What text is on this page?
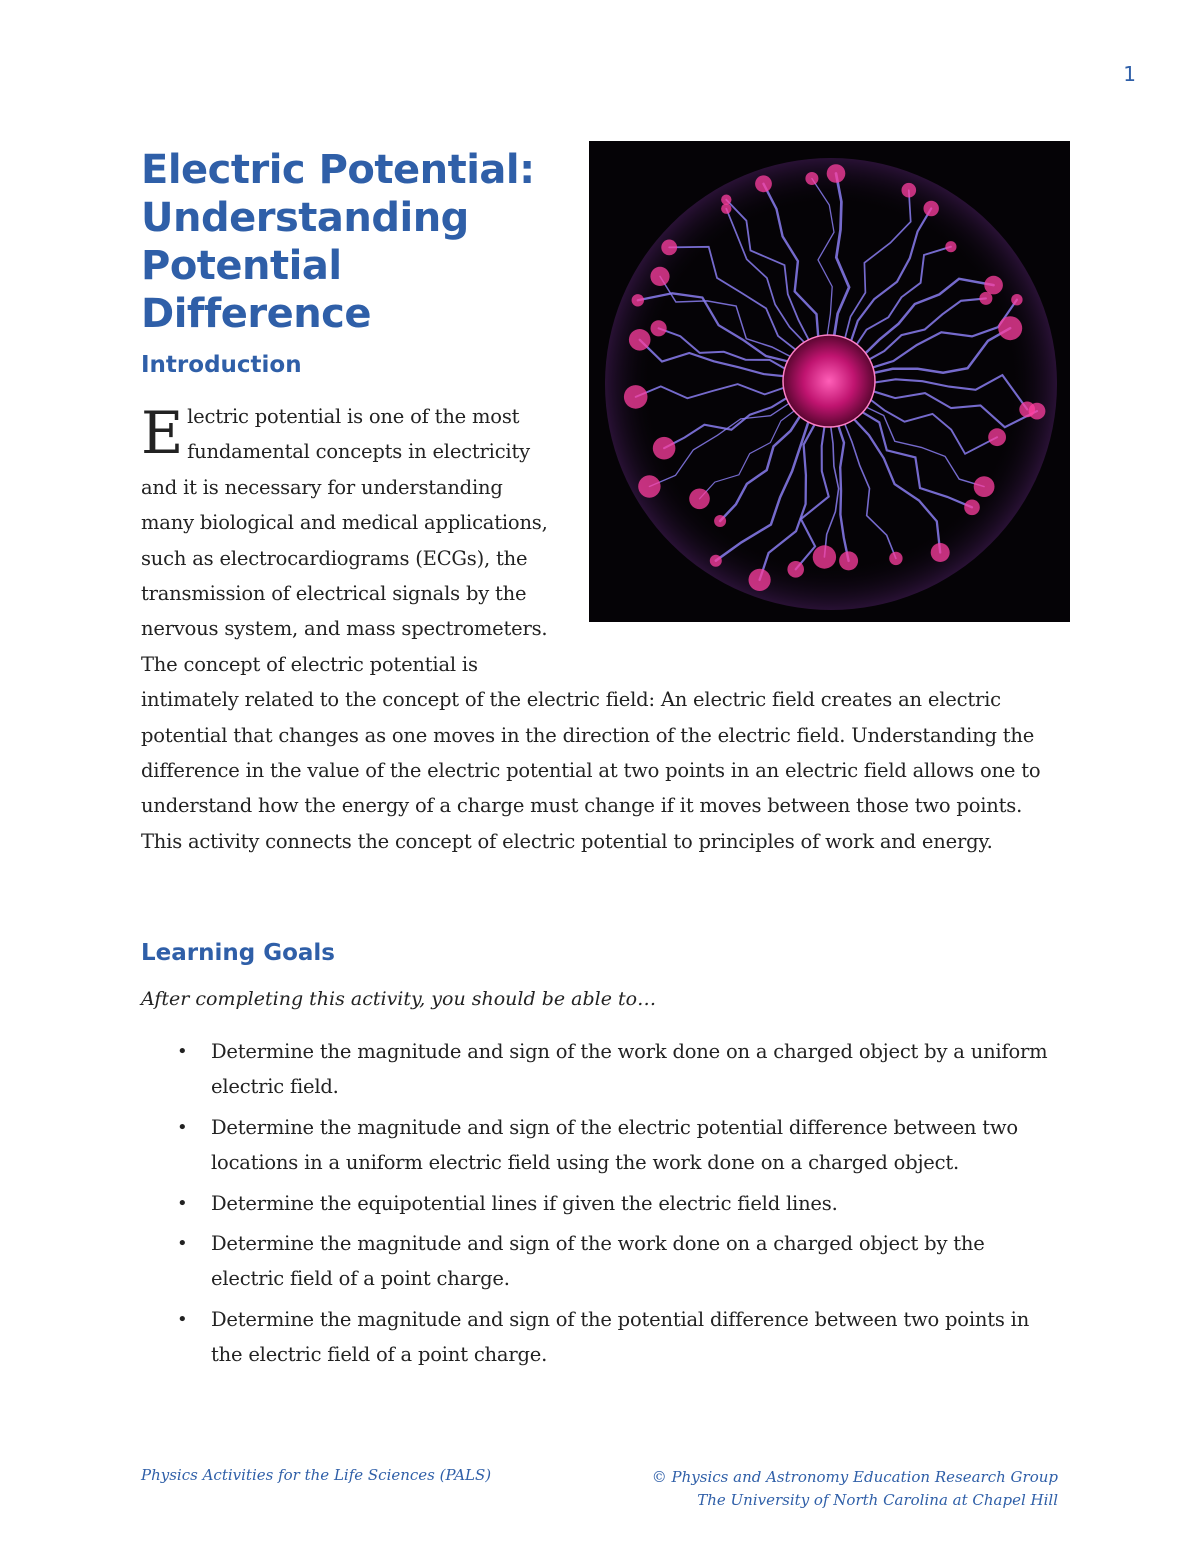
1
Electric Potential:
Understanding
Potential Difference
Introduction
E lectric potential is one of the most
fundamental concepts in electricity
and it is necessary for understanding
many biological and medical applications,
such as electrocardiograms (ECGs), the
transmission of electrical signals by the
nervous system, and mass spectrometers.
The concept of electric potential is
intimately related to the concept of the electric field: An electric field creates an electric potential that changes as one moves in the direction of the electric field. Understanding the difference in the value of the electric potential at two points in an electric field allows one to understand how the energy of a charge must change if it moves between those two points. This activity connects the concept of electric potential to principles of work and energy.
Learning Goals
After completing this activity, you should be able to…
• Determine the magnitude and sign of the work done on a charged object by a uniform electric field.
• Determine the magnitude and sign of the electric potential difference between two locations in a uniform electric field using the work done on a charged object.
• Determine the equipotential lines if given the electric field lines.
• Determine the magnitude and sign of the work done on a charged object by the electric field of a point charge.
• Determine the magnitude and sign of the potential difference between two points in the electric field of a point charge.
Physics Activities for the Life Sciences (PALS)	© Physics and Astronomy Education Research Group
The University of North Carolina at Chapel Hill
